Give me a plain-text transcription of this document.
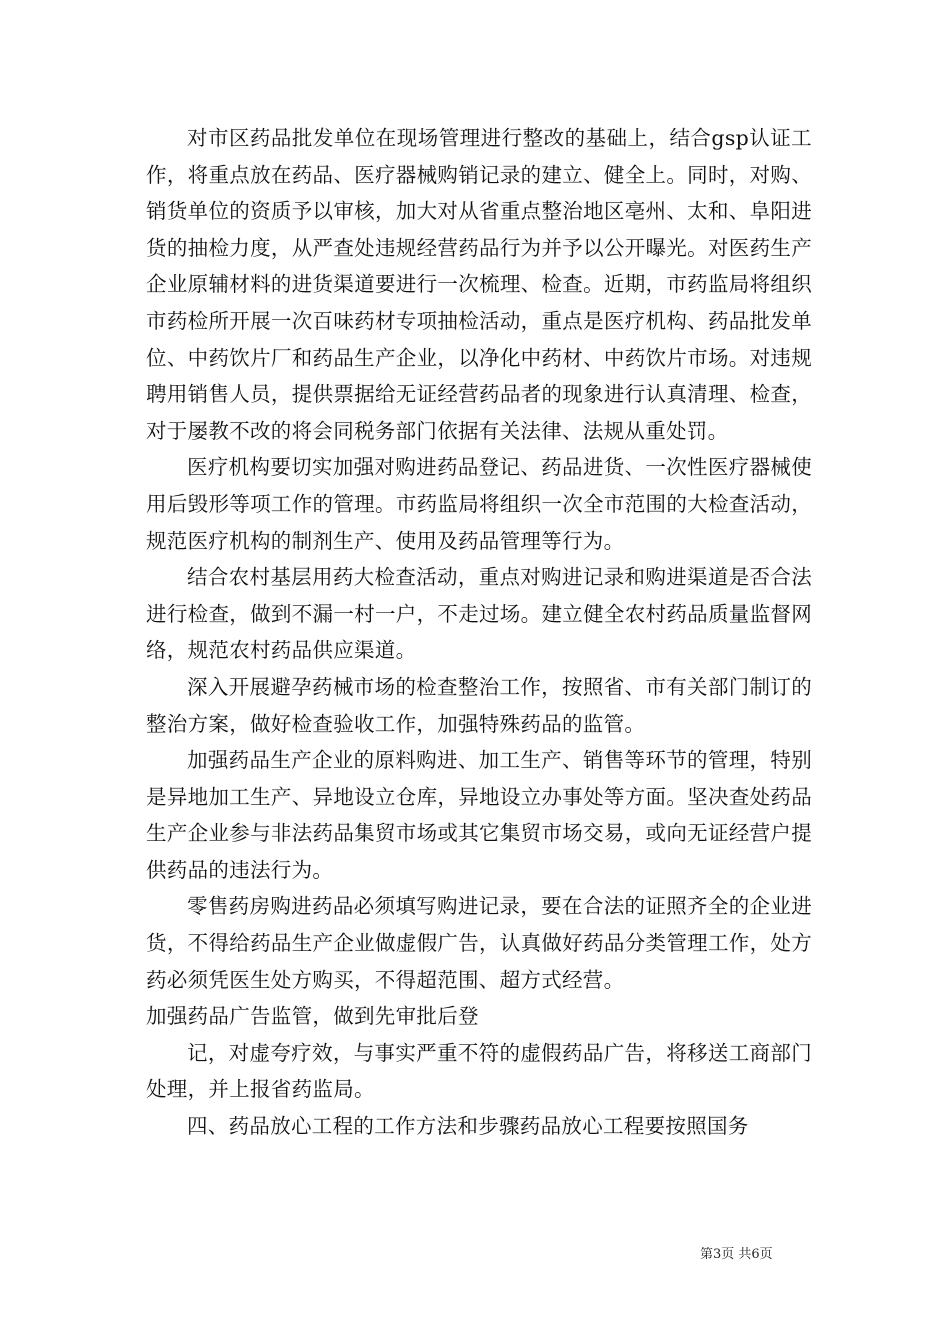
对市区药品批发单位在现场管理进行整改的基础上，结合gsp认证工作，将重点放在药品、医疗器械购销记录的建立、健全上。同时，对购、销货单位的资质予以审核，加大对从省重点整治地区亳州、太和、阜阳进货的抽检力度，从严查处违规经营药品行为并予以公开曝光。对医药生产企业原辅材料的进货渠道要进行一次梳理、检查。近期，市药监局将组织市药检所开展一次百味药材专项抽检活动，重点是医疗机构、药品批发单位、中药饮片厂和药品生产企业，以净化中药材、中药饮片市场。对违规聘用销售人员，提供票据给无证经营药品者的现象进行认真清理、检查，对于屡教不改的将会同税务部门依据有关法律、法规从重处罚。

医疗机构要切实加强对购进药品登记、药品进货、一次性医疗器械使用后毁形等项工作的管理。市药监局将组织一次全市范围的大检查活动，规范医疗机构的制剂生产、使用及药品管理等行为。

结合农村基层用药大检查活动，重点对购进记录和购进渠道是否合法进行检查，做到不漏一村一户，不走过场。建立健全农村药品质量监督网络，规范农村药品供应渠道。

深入开展避孕药械市场的检查整治工作，按照省、市有关部门制订的整治方案，做好检查验收工作，加强特殊药品的监管。

加强药品生产企业的原料购进、加工生产、销售等环节的管理，特别是异地加工生产、异地设立仓库，异地设立办事处等方面。坚决查处药品生产企业参与非法药品集贸市场或其它集贸市场交易，或向无证经营户提供药品的违法行为。

零售药房购进药品必须填写购进记录，要在合法的证照齐全的企业进货，不得给药品生产企业做虚假广告，认真做好药品分类管理工作，处方药必须凭医生处方购买，不得超范围、超方式经营。

加强药品广告监管，做到先审批后登

记，对虚夸疗效，与事实严重不符的虚假药品广告，将移送工商部门处理，并上报省药监局。

四、药品放心工程的工作方法和步骤药品放心工程要按照国务

第3页 共6页
